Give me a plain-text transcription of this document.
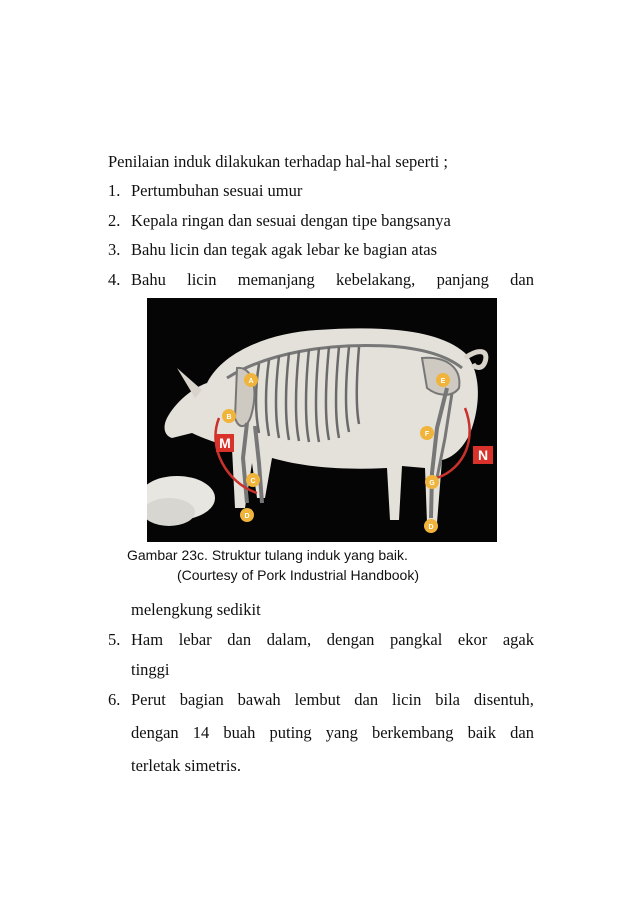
Penilaian induk dilakukan terhadap hal-hal seperti ;
1. Pertumbuhan sesuai umur
2. Kepala ringan dan sesuai dengan tipe bangsanya
3. Bahu licin dan tegak agak lebar ke bagian atas
4. Bahu licin memanjang kebelakang, panjang dan
A
B
C
D
E
F
G
D
M
N
Gambar 23c. Struktur tulang induk yang baik.
(Courtesy of Pork Industrial Handbook)
melengkung sedikit
5. Ham lebar dan dalam, dengan pangkal ekor agak
tinggi
6. Perut bagian bawah lembut dan licin bila disentuh,
dengan 14 buah puting yang berkembang baik dan
terletak simetris.
